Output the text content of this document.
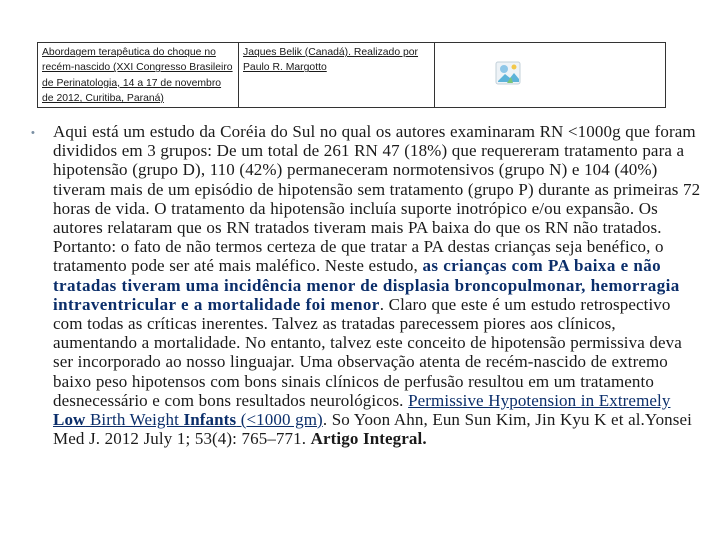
Abordagem terapêutica do choque no recém-nascido (XXI Congresso Brasileiro de Perinatologia, 14 a 17 de novembro de 2012, Curitiba, Paraná)
Jaques Belik (Canadá). Realizado por Paulo R. Margotto
• Aqui está um estudo da Coréia do Sul no qual os autores examinaram RN <1000g que foram divididos em 3 grupos: De um total de 261 RN 47 (18%) que requereram tratamento para a hipotensão (grupo D), 110 (42%) permaneceram normotensivos (grupo N) e 104 (40%) tiveram mais de um episódio de hipotensão sem tratamento (grupo P) durante as primeiras 72 horas de vida. O tratamento da hipotensão incluía suporte inotrópico e/ou expansão. Os autores relataram que os RN tratados tiveram mais PA baixa do que os RN não tratados. Portanto: o fato de não termos certeza de que tratar a PA destas crianças seja benéfico, o tratamento pode ser até mais maléfico. Neste estudo, as crianças com PA baixa e não tratadas tiveram uma incidência menor de displasia broncopulmonar, hemorragia intraventricular e a mortalidade foi menor. Claro que este é um estudo retrospectivo com todas as críticas inerentes. Talvez as tratadas parecessem piores aos clínicos, aumentando a mortalidade. No entanto, talvez este conceito de hipotensão permissiva deva ser incorporado ao nosso linguajar. Uma observação atenta de recém-nascido de extremo baixo peso hipotensos com bons sinais clínicos de perfusão resultou em um tratamento desnecessário e com bons resultados neurológicos. Permissive Hypotension in Extremely Low Birth Weight Infants (<1000 gm). So Yoon Ahn, Eun Sun Kim, Jin Kyu K et al.Yonsei Med J. 2012 July 1; 53(4): 765–771. Artigo Integral.
